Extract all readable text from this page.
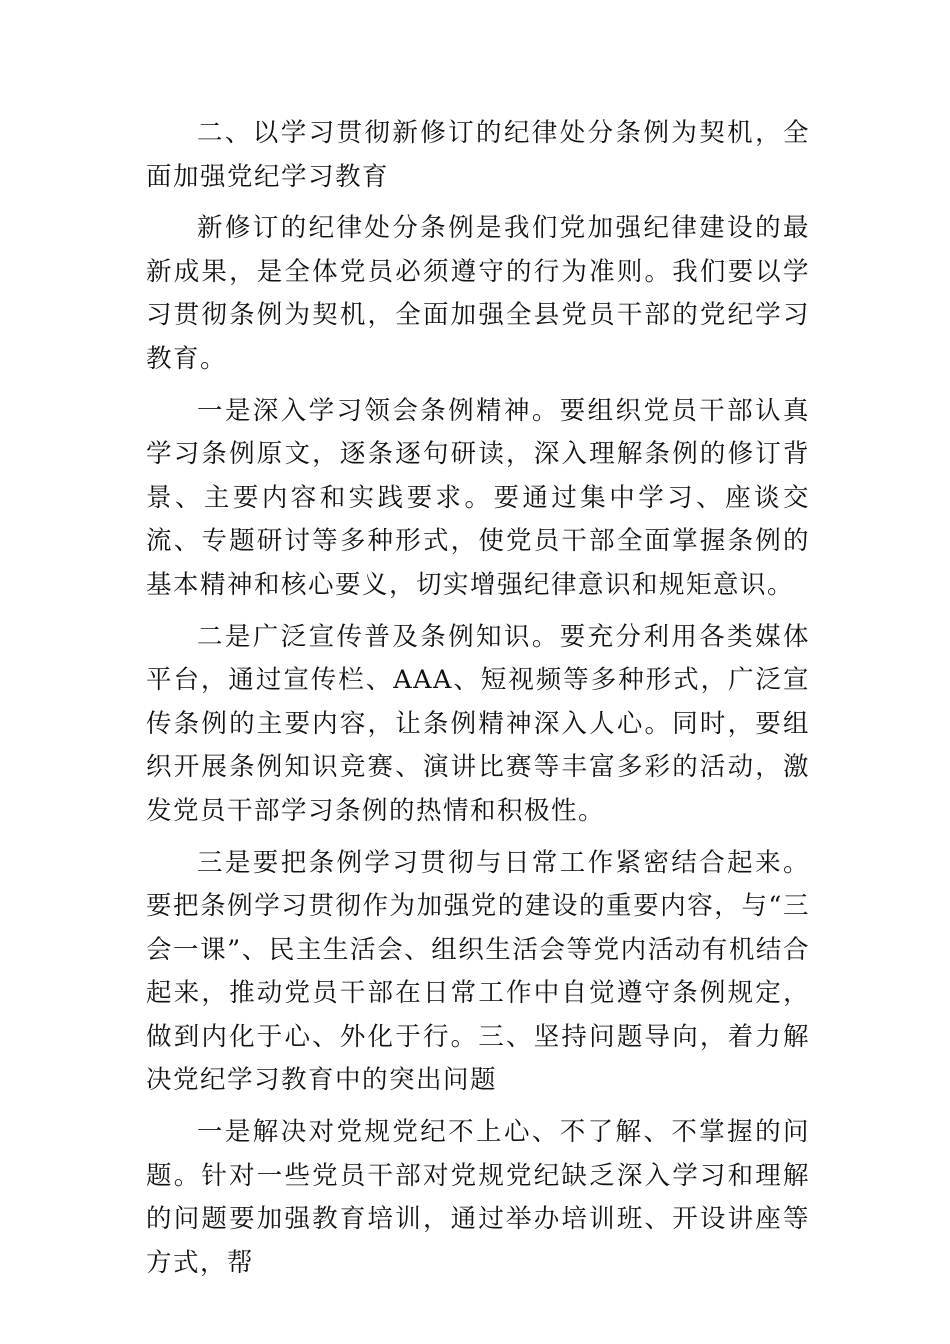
二、以学习贯彻新修订的纪律处分条例为契机，全面加强党纪学习教育

新修订的纪律处分条例是我们党加强纪律建设的最新成果，是全体党员必须遵守的行为准则。我们要以学习贯彻条例为契机，全面加强全县党员干部的党纪学习教育。

一是深入学习领会条例精神。要组织党员干部认真学习条例原文，逐条逐句研读，深入理解条例的修订背景、主要内容和实践要求。要通过集中学习、座谈交流、专题研讨等多种形式，使党员干部全面掌握条例的基本精神和核心要义，切实增强纪律意识和规矩意识。

二是广泛宣传普及条例知识。要充分利用各类媒体平台，通过宣传栏、AAA、短视频等多种形式，广泛宣传条例的主要内容，让条例精神深入人心。同时，要组织开展条例知识竞赛、演讲比赛等丰富多彩的活动，激发党员干部学习条例的热情和积极性。

三是要把条例学习贯彻与日常工作紧密结合起来。要把条例学习贯彻作为加强党的建设的重要内容，与“三会一课”、民主生活会、组织生活会等党内活动有机结合起来，推动党员干部在日常工作中自觉遵守条例规定，做到内化于心、外化于行。三、坚持问题导向，着力解决党纪学习教育中的突出问题

一是解决对党规党纪不上心、不了解、不掌握的问题。针对一些党员干部对党规党纪缺乏深入学习和理解的问题要加强教育培训，通过举办培训班、开设讲座等方式，帮
